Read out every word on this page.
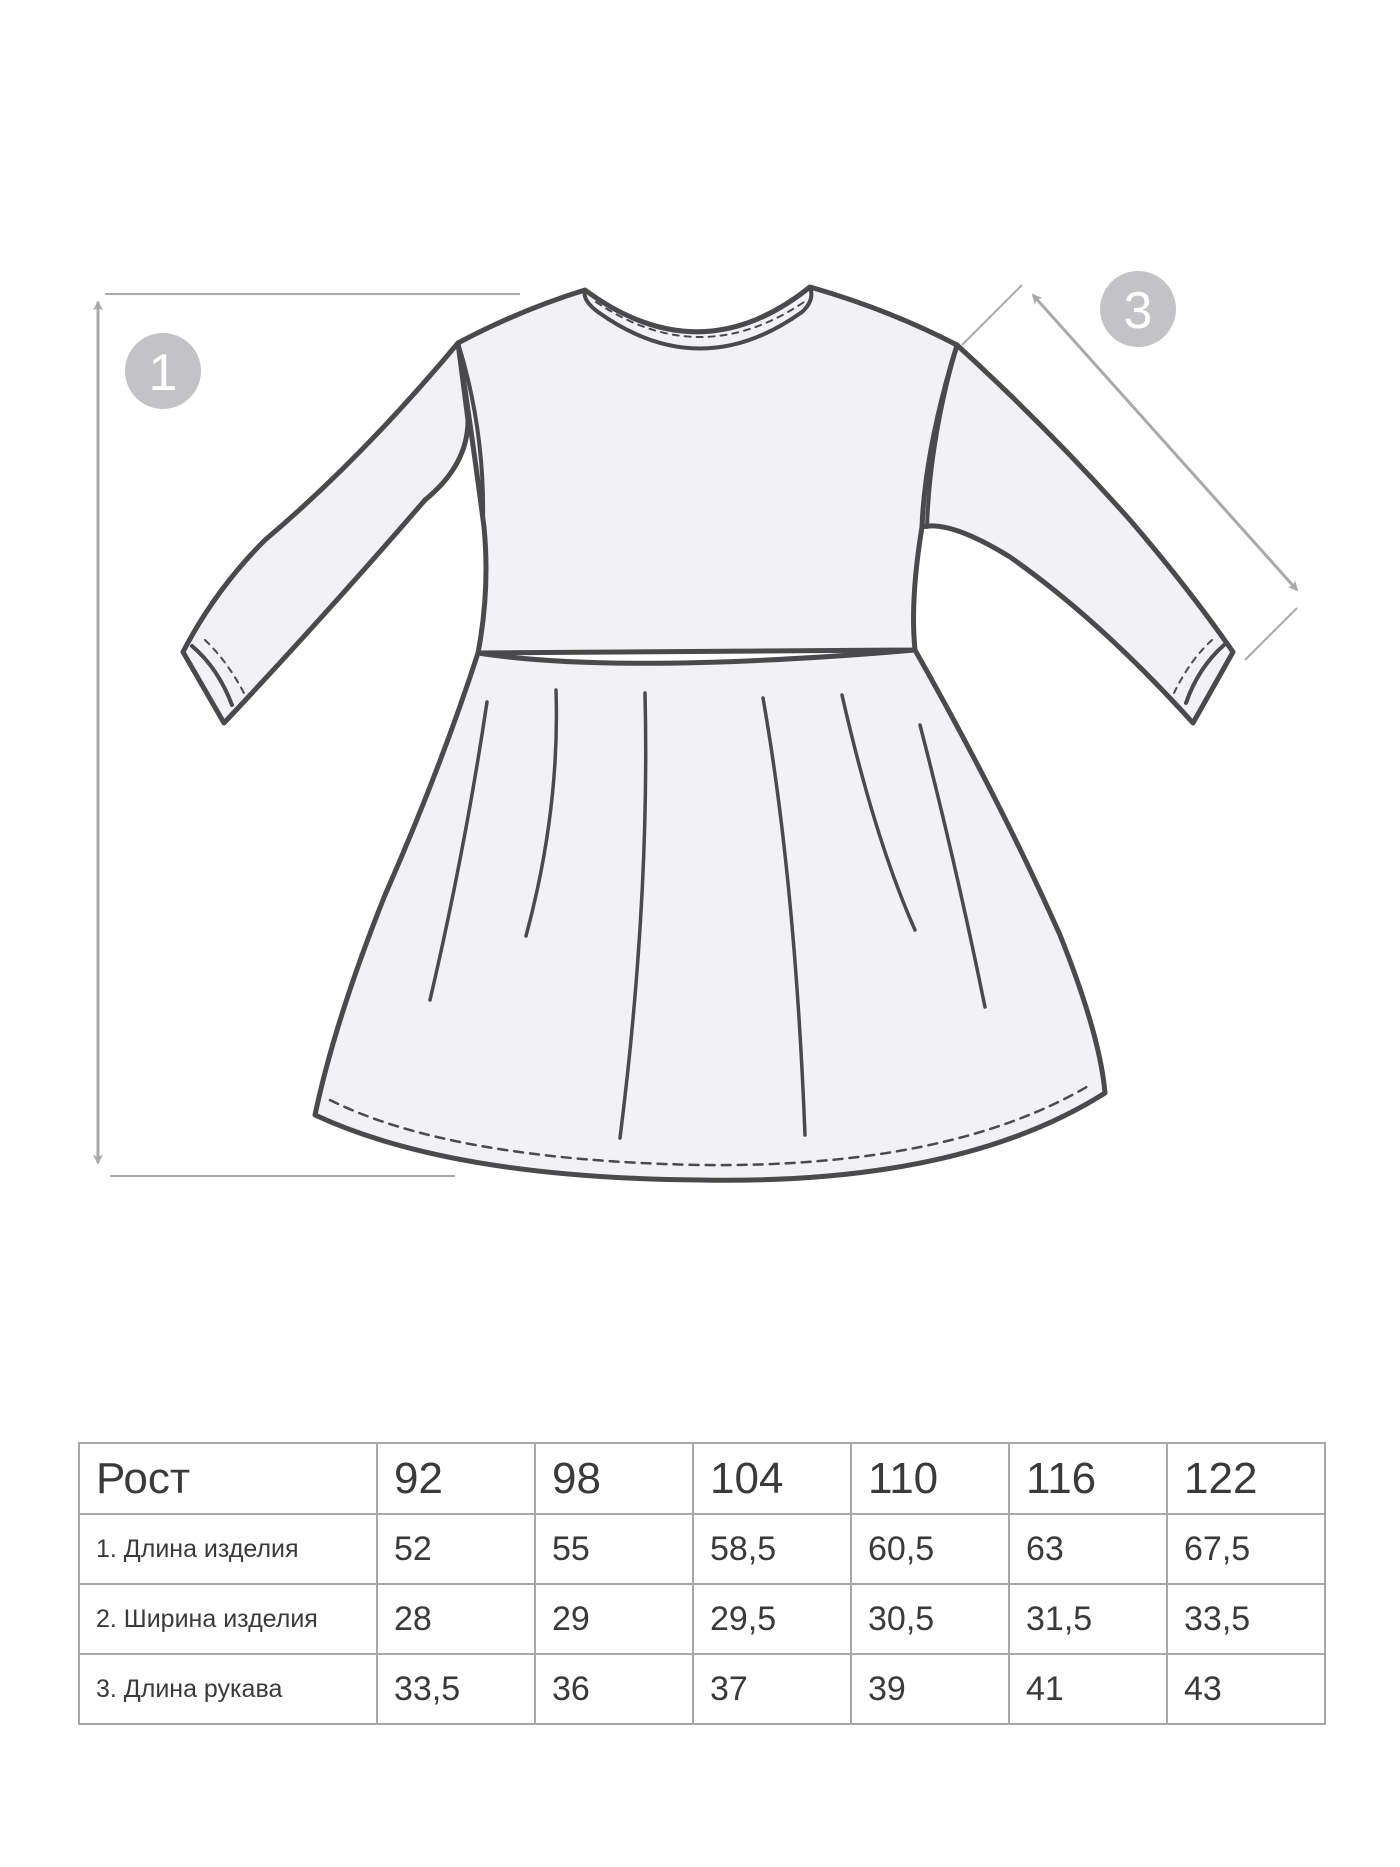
1
3
Рост	92	98	104	110	116	122
1. Длина изделия	52	55	58,5	60,5	63	67,5
2. Ширина изделия	28	29	29,5	30,5	31,5	33,5
3. Длина рукава	33,5	36	37	39	41	43
